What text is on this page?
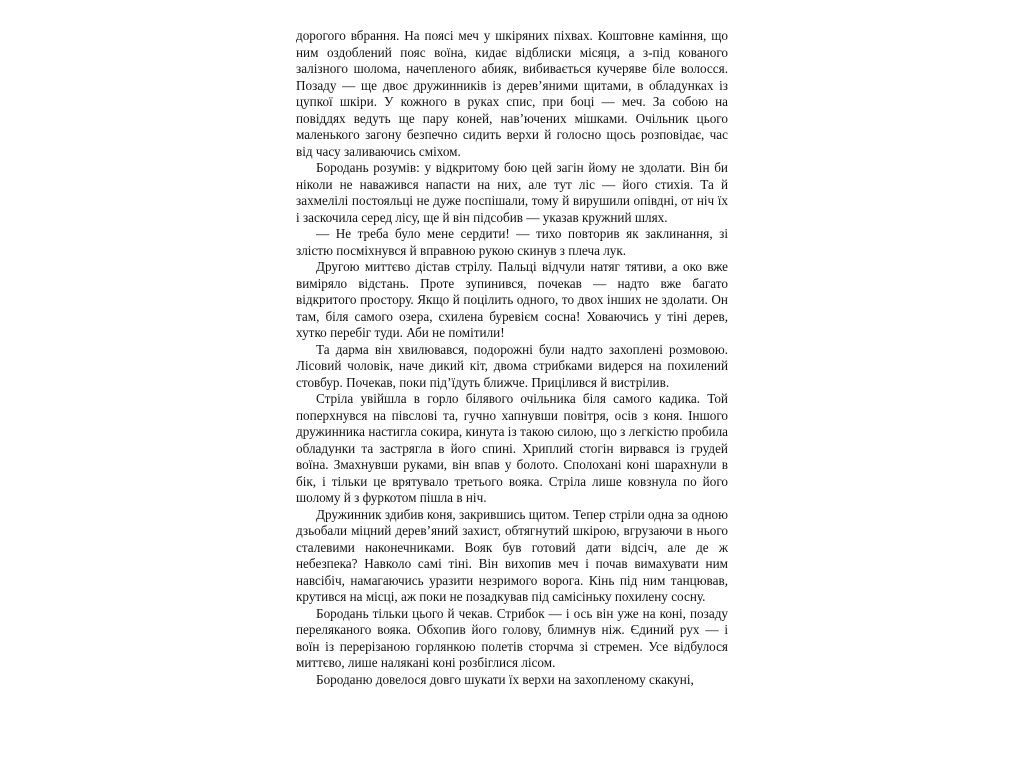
дорогого вбрання. На поясі меч у шкіряних піхвах. Коштовне каміння, що ним оздоблений пояс воїна, кидає відблиски місяця, а з-під кованого залізного шолома, начепленого абияк, вибивається кучеряве біле волосся. Позаду — ще двоє дружинників із дерев’яними щитами, в обладунках із цупкої шкіри. У кожного в руках спис, при боці — меч. За собою на повіддях ведуть ще пару коней, нав’ючених мішками. Очільник цього маленького загону безпечно сидить верхи й голосно щось розповідає, час від часу заливаючись сміхом.

Бородань розумів: у відкритому бою цей загін йому не здолати. Він би ніколи не наважився напасти на них, але тут ліс — його стихія. Та й захмелілі постояльці не дуже поспішали, тому й вирушили опівдні, от ніч їх і заскочила серед лісу, ще й він підсобив — указав кружний шлях.

— Не треба було мене сердити! — тихо повторив як заклинання, зі злістю посміхнувся й вправною рукою скинув з плеча лук.

Другою миттєво дістав стрілу. Пальці відчули натяг тятиви, а око вже виміряло відстань. Проте зупинився, почекав — надто вже багато відкритого простору. Якщо й поцілить одного, то двох інших не здолати. Он там, біля самого озера, схилена буревієм сосна! Ховаючись у тіні дерев, хутко перебіг туди. Аби не помітили!

Та дарма він хвилювався, подорожні були надто захоплені розмовою. Лісовий чоловік, наче дикий кіт, двома стрибками видерся на похилений стовбур. Почекав, поки під’їдуть ближче. Прицілився й вистрілив.

Стріла увійшла в горло білявого очільника біля самого кадика. Той поперхнувся на півслові та, гучно хапнувши повітря, осів з коня. Іншого дружинника настигла сокира, кинута із такою силою, що з легкістю пробила обладунки та застрягла в його спині. Хриплий стогін вирвався із грудей воїна. Змахнувши руками, він впав у болото. Сполохані коні шарахнули в бік, і тільки це врятувало третього вояка. Стріла лише ковзнула по його шолому й з фуркотом пішла в ніч.

Дружинник здибив коня, закрившись щитом. Тепер стріли одна за одною дзьобали міцний дерев’яний захист, обтягнутий шкірою, вгрузаючи в нього сталевими наконечниками. Вояк був готовий дати відсіч, але де ж небезпека? Навколо самі тіні. Він вихопив меч і почав вимахувати ним навсібіч, намагаючись уразити незримого ворога. Кінь під ним танцював, крутився на місці, аж поки не позадкував під самісіньку похилену сосну.

Бородань тільки цього й чекав. Стрибок — і ось він уже на коні, позаду переляканого вояка. Обхопив його голову, блимнув ніж. Єдиний рух — і воїн із перерізаною горлянкою полетів сторчма зі стремен. Усе відбулося миттєво, лише налякані коні розбіглися лісом.

Бороданю довелося довго шукати їх верхи на захопленому скакуні,
